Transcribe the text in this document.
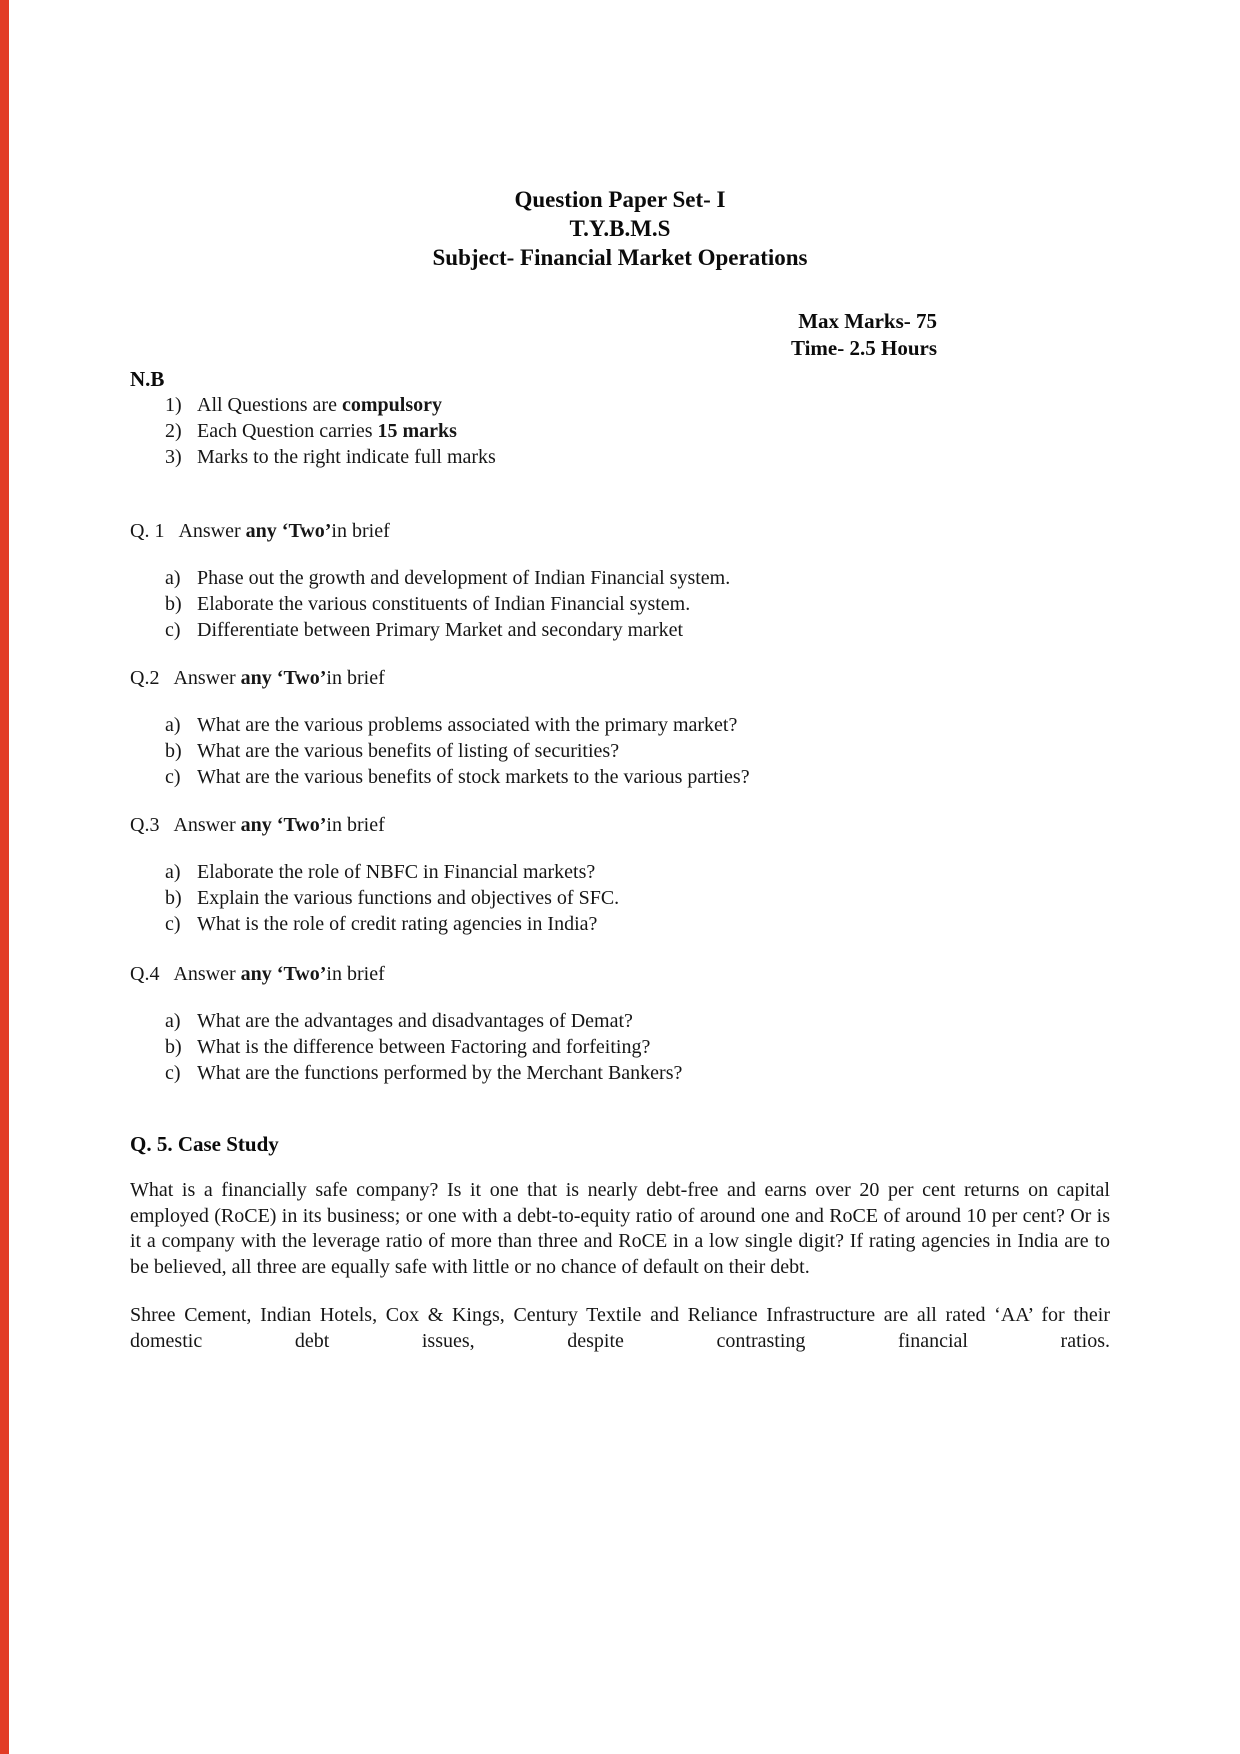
Question Paper Set- I
T.Y.B.M.S
Subject- Financial Market Operations
Max Marks- 75
Time- 2.5 Hours
N.B
1) All Questions are compulsory
2) Each Question carries 15 marks
3) Marks to the right indicate full marks
Q. 1 Answer any ‘Two’in brief
a) Phase out the growth and development of Indian Financial system.
b) Elaborate the various constituents of Indian Financial system.
c) Differentiate between Primary Market and secondary market
Q.2 Answer any ‘Two’in brief
a) What are the various problems associated with the primary market?
b) What are the various benefits of listing of securities?
c) What are the various benefits of stock markets to the various parties?
Q.3 Answer any ‘Two’in brief
a) Elaborate the role of NBFC in Financial markets?
b) Explain the various functions and objectives of SFC.
c) What is the role of credit rating agencies in India?
Q.4 Answer any ‘Two’in brief
a) What are the advantages and disadvantages of Demat?
b) What is the difference between Factoring and forfeiting?
c) What are the functions performed by the Merchant Bankers?
Q. 5. Case Study
What is a financially safe company? Is it one that is nearly debt-free and earns over 20 per cent returns on capital employed (RoCE) in its business; or one with a debt-to-equity ratio of around one and RoCE of around 10 per cent? Or is it a company with the leverage ratio of more than three and RoCE in a low single digit? If rating agencies in India are to be believed, all three are equally safe with little or no chance of default on their debt.
Shree Cement, Indian Hotels, Cox & Kings, Century Textile and Reliance Infrastructure are all rated ‘AA’ for their domestic debt issues, despite contrasting financial ratios.
